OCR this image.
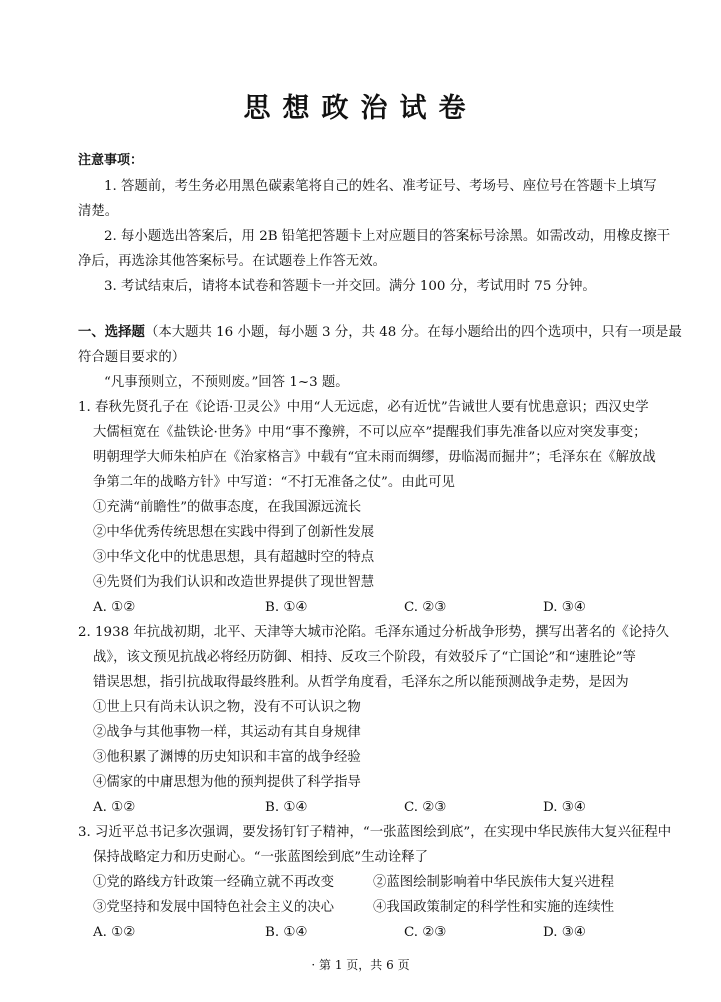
思想政治试卷
注意事项：
1. 答题前，考生务必用黑色碳素笔将自己的姓名、准考证号、考场号、座位号在答题卡上填写
清楚。
2. 每小题选出答案后，用 2B 铅笔把答题卡上对应题目的答案标号涂黑。如需改动，用橡皮擦干
净后，再选涂其他答案标号。在试题卷上作答无效。
3. 考试结束后，请将本试卷和答题卡一并交回。满分 100 分，考试用时 75 分钟。
一、选择题（本大题共 16 小题，每小题 3 分，共 48 分。在每小题给出的四个选项中，只有一项是最
符合题目要求的）
“凡事预则立，不预则废。”回答 1~3 题。
1. 春秋先贤孔子在《论语·卫灵公》中用“人无远虑，必有近忧”告诫世人要有忧患意识；西汉史学
大儒桓宽在《盐铁论·世务》中用“事不豫辨，不可以应卒”提醒我们事先准备以应对突发事变；
明朝理学大师朱柏庐在《治家格言》中载有“宜未雨而绸缪，毋临渴而掘井”；毛泽东在《解放战
争第二年的战略方针》中写道：“不打无准备之仗”。由此可见
①充满“前瞻性”的做事态度，在我国源远流长
②中华优秀传统思想在实践中得到了创新性发展
③中华文化中的忧患思想，具有超越时空的特点
④先贤们为我们认识和改造世界提供了现世智慧
A. ①②	B. ①④	C. ②③	D. ③④
2. 1938 年抗战初期，北平、天津等大城市沦陷。毛泽东通过分析战争形势，撰写出著名的《论持久
战》，该文预见抗战必将经历防御、相持、反攻三个阶段，有效驳斥了“亡国论”和“速胜论”等
错误思想，指引抗战取得最终胜利。从哲学角度看，毛泽东之所以能预测战争走势，是因为
①世上只有尚未认识之物，没有不可认识之物
②战争与其他事物一样，其运动有其自身规律
③他积累了渊博的历史知识和丰富的战争经验
④儒家的中庸思想为他的预判提供了科学指导
A. ①②	B. ①④	C. ②③	D. ③④
3. 习近平总书记多次强调，要发扬钉钉子精神，“一张蓝图绘到底”，在实现中华民族伟大复兴征程中
保持战略定力和历史耐心。“一张蓝图绘到底”生动诠释了
①党的路线方针政策一经确立就不再改变	②蓝图绘制影响着中华民族伟大复兴进程
③党坚持和发展中国特色社会主义的决心	④我国政策制定的科学性和实施的连续性
A. ①②	B. ①④	C. ②③	D. ③④
· 第 1 页，共 6 页
